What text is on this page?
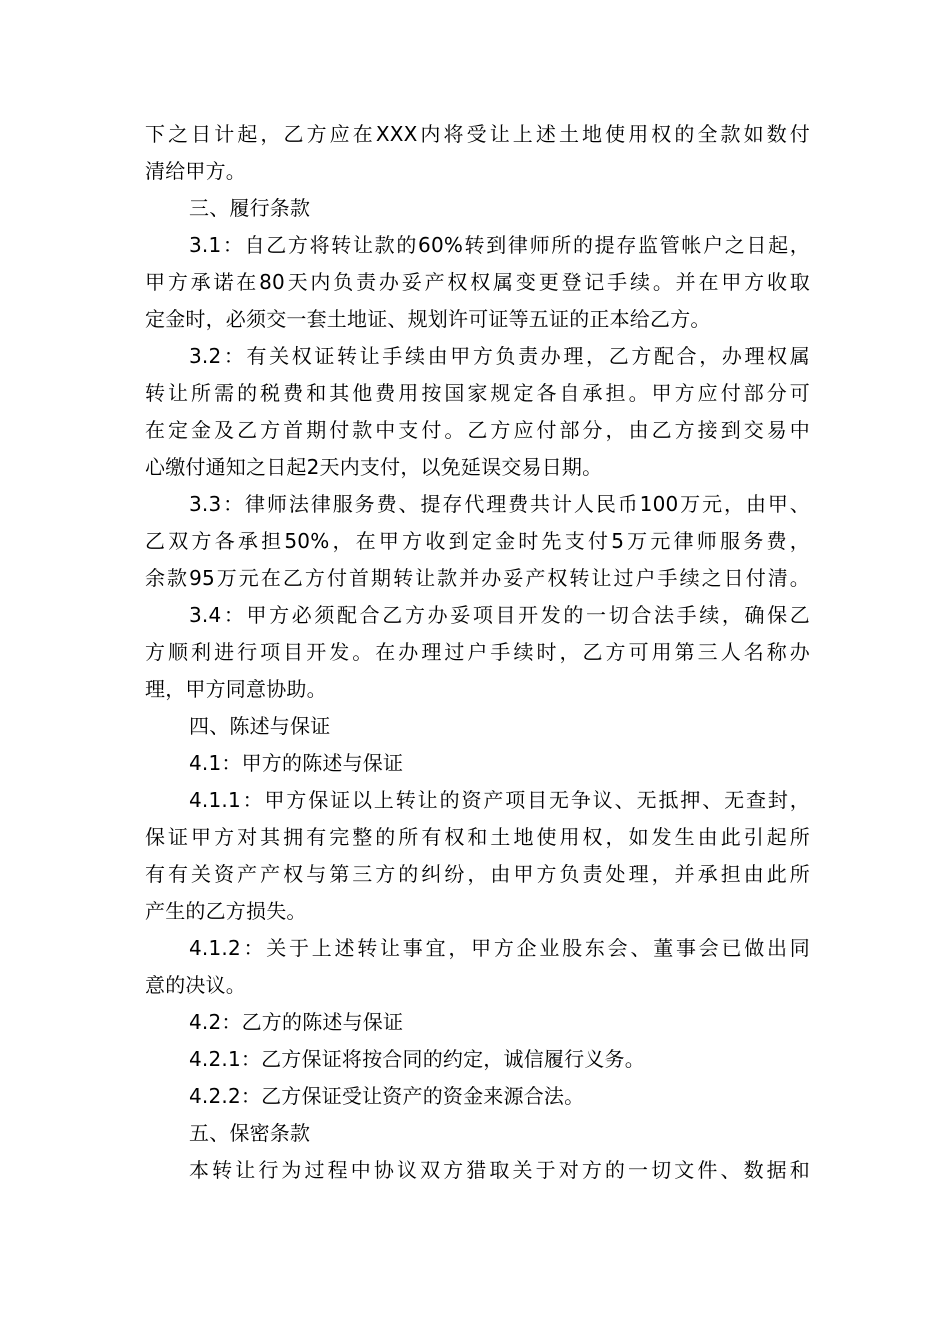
下之日计起，乙方应在XXX内将受让上述土地使用权的全款如数付
清给甲方。
三、履行条款
3.1：自乙方将转让款的60%转到律师所的提存监管帐户之日起，
甲方承诺在80天内负责办妥产权权属变更登记手续。并在甲方收取
定金时，必须交一套土地证、规划许可证等五证的正本给乙方。
3.2：有关权证转让手续由甲方负责办理，乙方配合，办理权属
转让所需的税费和其他费用按国家规定各自承担。甲方应付部分可
在定金及乙方首期付款中支付。乙方应付部分，由乙方接到交易中
心缴付通知之日起2天内支付，以免延误交易日期。
3.3：律师法律服务费、提存代理费共计人民币100万元，由甲、
乙双方各承担50%，在甲方收到定金时先支付5万元律师服务费，
余款95万元在乙方付首期转让款并办妥产权转让过户手续之日付清。
3.4：甲方必须配合乙方办妥项目开发的一切合法手续，确保乙
方顺利进行项目开发。在办理过户手续时，乙方可用第三人名称办
理，甲方同意协助。
四、陈述与保证
4.1：甲方的陈述与保证
4.1.1：甲方保证以上转让的资产项目无争议、无抵押、无查封，
保证甲方对其拥有完整的所有权和土地使用权，如发生由此引起所
有有关资产产权与第三方的纠纷，由甲方负责处理，并承担由此所
产生的乙方损失。
4.1.2：关于上述转让事宜，甲方企业股东会、董事会已做出同
意的决议。
4.2：乙方的陈述与保证
4.2.1：乙方保证将按合同的约定，诚信履行义务。
4.2.2：乙方保证受让资产的资金来源合法。
五、保密条款
本转让行为过程中协议双方猎取关于对方的一切文件、数据和
